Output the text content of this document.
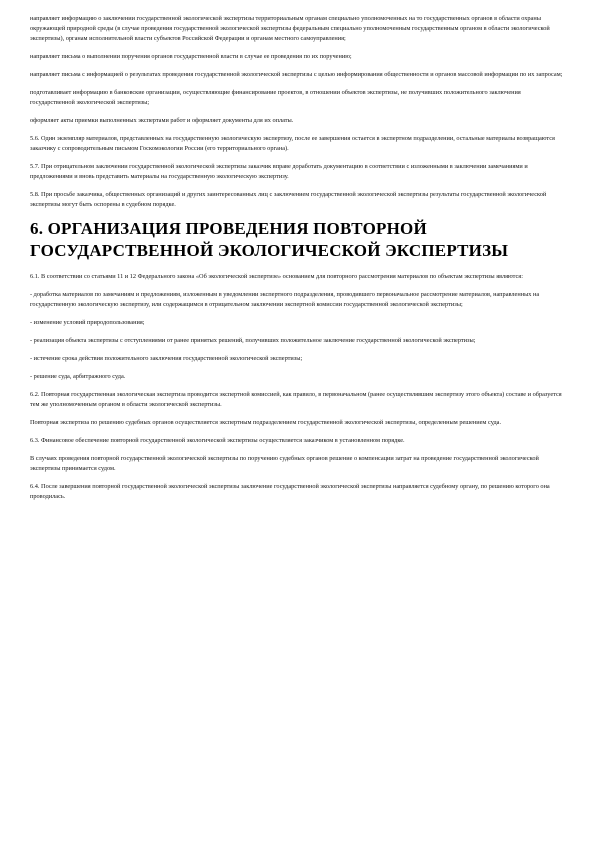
направляет информацию о заключении государственной экологической экспертизы территориальным органам специально уполномоченных на то государственных органов в области охраны окружающей природной среды (в случае проведения государственной экологической экспертизы федеральным специально уполномоченным государственным органом в области экологической экспертизы), органам исполнительной власти субъектов Российской Федерации и органам местного самоуправления;

направляет письма о выполнении поручения органов государственной власти в случае ее проведения по их поручению;

направляет письма с информацией о результатах проведения государственной экологической экспертизы с целью информирования общественности и органов массовой информации по их запросам;

подготавливает информацию в банковские организации, осуществляющие финансирование проектов, в отношении объектов экспертизы, не получивших положительного заключения государственной экологической экспертизы;

оформляет акты приемки выполненных экспертами работ и оформляет документы для их оплаты.

5.6. Один экземпляр материалов, представленных на государственную экологическую экспертизу, после ее завершения остается в экспертном подразделении, остальные материалы возвращаются заказчику с сопроводительным письмом Госкомэкологии России (его территориального органа).

5.7. При отрицательном заключении государственной экологической экспертизы заказчик вправе доработать документацию в соответствии с изложенными в заключении замечаниями и предложениями и вновь представить материалы на государственную экологическую экспертизу.

5.8. При просьбе заказчика, общественных организаций и других заинтересованных лиц с заключением государственной экологической экспертизы результаты государственной экологической экспертизы могут быть оспорены в судебном порядке.

6. ОРГАНИЗАЦИЯ ПРОВЕДЕНИЯ ПОВТОРНОЙ ГОСУДАРСТВЕННОЙ ЭКОЛОГИЧЕСКОЙ ЭКСПЕРТИЗЫ

6.1. В соответствии со статьями 11 и 12 Федерального закона «Об экологической экспертизе» основанием для повторного рассмотрения материалов по объектам экспертизы являются:

- доработка материалов по замечаниям и предложениям, изложенным в уведомлении экспертного подразделения, проводившего первоначальное рассмотрение материалов, направленных на государственную экологическую экспертизу, или содержащимся в отрицательном заключении экспертной комиссии государственной экологической экспертизы;

- изменение условий природопользования;

- реализация объекта экспертизы с отступлениями от ранее принятых решений, получивших положительное заключение государственной экологической экспертизы;

- истечение срока действия положительного заключения государственной экологической экспертизы;

- решение суда, арбитражного суда.

6.2. Повторная государственная экологическая экспертиза проводится экспертной комиссией, как правило, в первоначальном (ранее осуществлявшим экспертизу этого объекта) составе и образуется тем же уполномоченным органом в области экологической экспертизы.

Повторная экспертиза по решению судебных органов осуществляется экспертным подразделением государственной экологической экспертизы, определенным решением суда.

6.3. Финансовое обеспечение повторной государственной экологической экспертизы осуществляется заказчиком в установленном порядке.

В случаях проведения повторной государственной экологической экспертизы по поручению судебных органов решение о компенсации затрат на проведение государственной экологической экспертизы принимается судом.

6.4. После завершения повторной государственной экологической экспертизы заключение государственной экологической экспертизы направляется судебному органу, по решению которого она проводилась.
